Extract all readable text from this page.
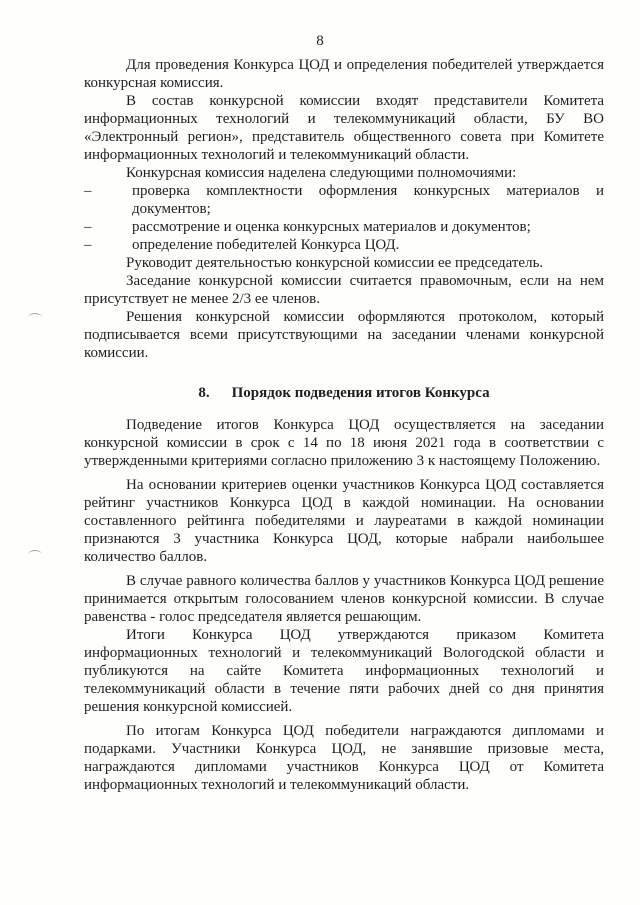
8

Для проведения Конкурса ЦОД и определения победителей утверждается конкурсная комиссия.

В состав конкурсной комиссии входят представители Комитета информационных технологий и телекоммуникаций области, БУ ВО «Электронный регион», представитель общественного совета при Комитете информационных технологий и телекоммуникаций области.

Конкурсная комиссия наделена следующими полномочиями:

–	проверка комплектности оформления конкурсных материалов и документов;

–	рассмотрение и оценка конкурсных материалов и документов;

–	определение победителей Конкурса ЦОД.

Руководит деятельностью конкурсной комиссии ее председатель.

Заседание конкурсной комиссии считается правомочным, если на нем присутствует не менее 2/3 ее членов.

Решения конкурсной комиссии оформляются протоколом, который подписывается всеми присутствующими на заседании членами конкурсной комиссии.

8. Порядок подведения итогов Конкурса

Подведение итогов Конкурса ЦОД осуществляется на заседании конкурсной комиссии в срок с 14 по 18 июня 2021 года в соответствии с утвержденными критериями согласно приложению 3 к настоящему Положению.

На основании критериев оценки участников Конкурса ЦОД составляется рейтинг участников Конкурса ЦОД в каждой номинации. На основании составленного рейтинга победителями и лауреатами в каждой номинации признаются 3 участника Конкурса ЦОД, которые набрали наибольшее количество баллов.

В случае равного количества баллов у участников Конкурса ЦОД решение принимается открытым голосованием членов конкурсной комиссии. В случае равенства - голос председателя является решающим.

Итоги Конкурса ЦОД утверждаются приказом Комитета информационных технологий и телекоммуникаций Вологодской области и публикуются на сайте Комитета информационных технологий и телекоммуникаций области в течение пяти рабочих дней со дня принятия решения конкурсной комиссией.

По итогам Конкурса ЦОД победители награждаются дипломами и подарками. Участники Конкурса ЦОД, не занявшие призовые места, награждаются дипломами участников Конкурса ЦОД от Комитета информационных технологий и телекоммуникаций области.
